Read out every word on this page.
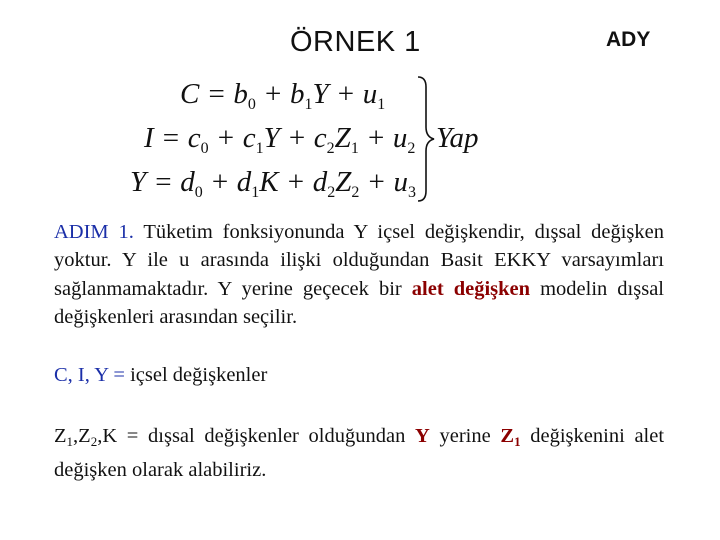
ÖRNEK 1	ADY
$C = b_0 + b_1Y + u_1$
$I = c_0 + c_1Y + c_2Z_1 + u_2$
$Y = d_0 + d_1K + d_2Z_2 + u_3$
Yap
ADIM 1. Tüketim fonksiyonunda Y içsel değişkendir, dışsal değişken yoktur. Y ile u arasında ilişki olduğundan Basit EKKY varsayımları sağlanmamaktadır. Y yerine geçecek bir alet değişken modelin dışsal değişkenleri arasından seçilir.
C, I, Y = içsel değişkenler
$Z_1,Z_2,K$ = dışsal değişkenler olduğundan Y yerine $Z_1$ değişkenini alet değişken olarak alabiliriz.
